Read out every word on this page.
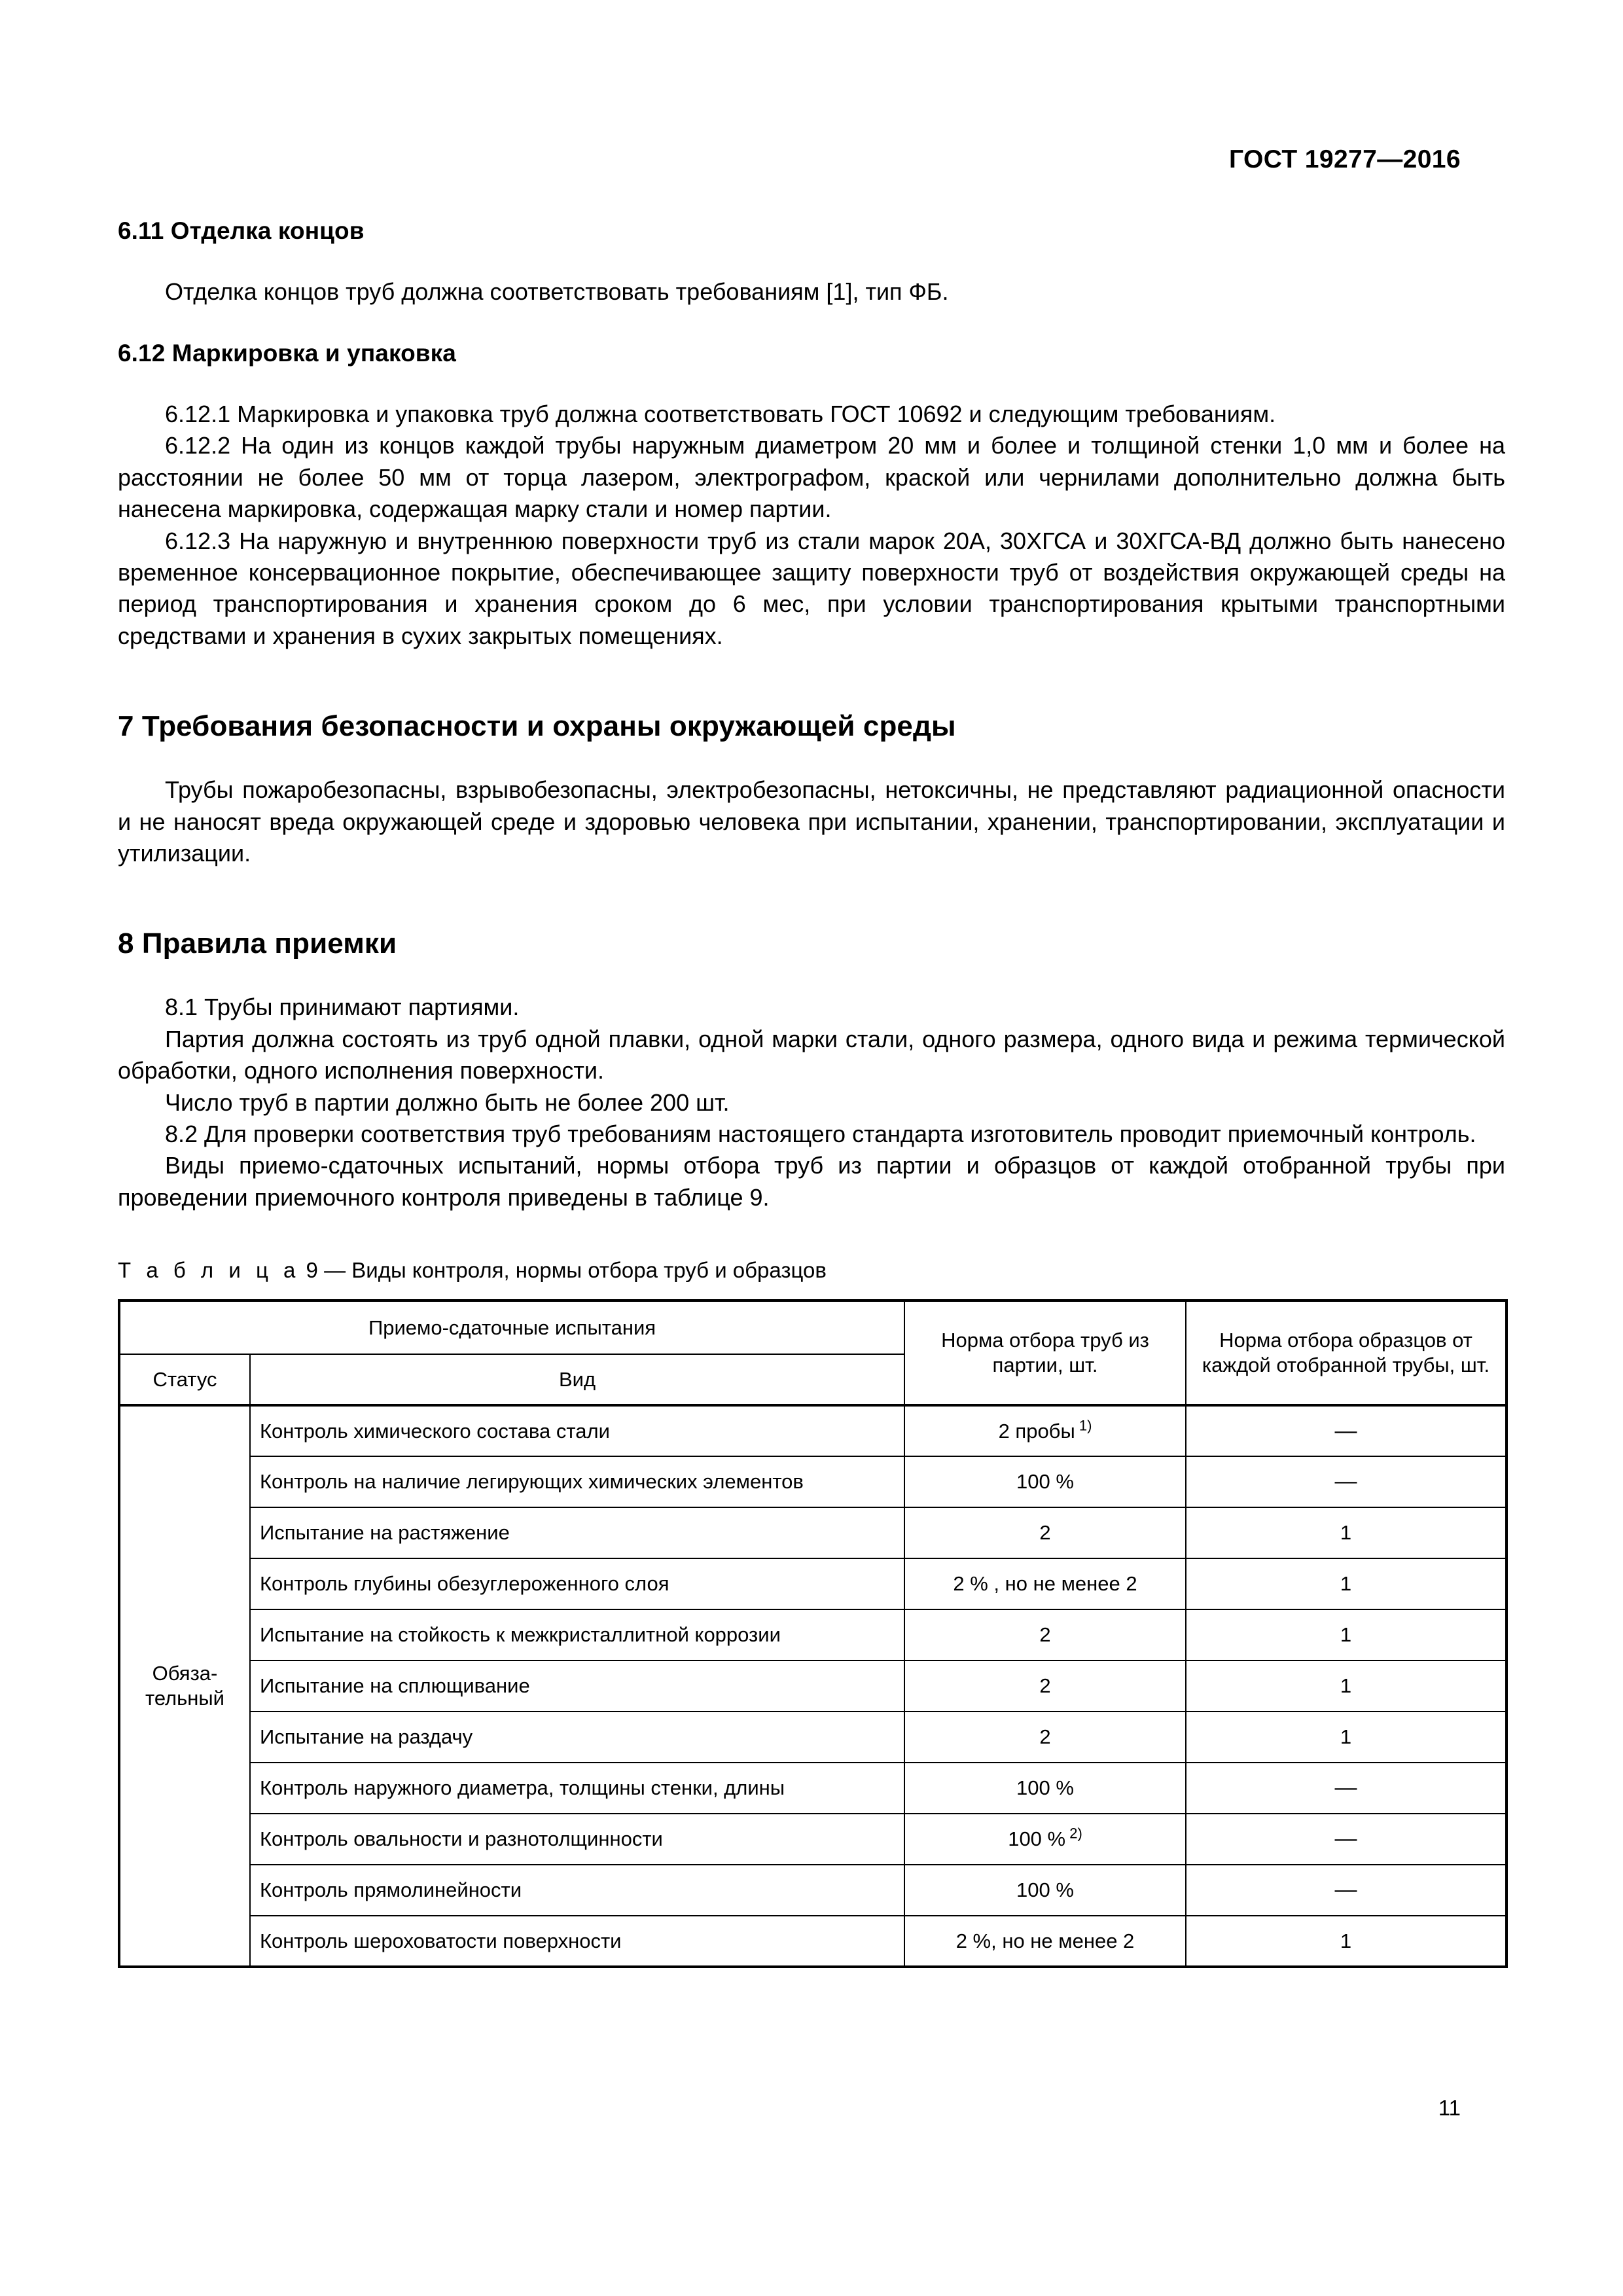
ГОСТ 19277—2016
6.11 Отделка концов

Отделка концов труб должна соответствовать требованиям [1], тип ФБ.

6.12 Маркировка и упаковка

6.12.1 Маркировка и упаковка труб должна соответствовать ГОСТ 10692 и следующим требованиям.

6.12.2 На один из концов каждой трубы наружным диаметром 20 мм и более и толщиной стенки 1,0 мм и более на расстоянии не более 50 мм от торца лазером, электрографом, краской или чернилами дополнительно должна быть нанесена маркировка, содержащая марку стали и номер партии.

6.12.3 На наружную и внутреннюю поверхности труб из стали марок 20А, 30ХГСА и 30ХГСА-ВД должно быть нанесено временное консервационное покрытие, обеспечивающее защиту поверхности труб от воздействия окружающей среды на период транспортирования и хранения сроком до 6 мес, при условии транспортирования крытыми транспортными средствами и хранения в сухих закрытых помещениях.

7 Требования безопасности и охраны окружающей среды

Трубы пожаробезопасны, взрывобезопасны, электробезопасны, нетоксичны, не представляют радиационной опасности и не наносят вреда окружающей среде и здоровью человека при испытании, хранении, транспортировании, эксплуатации и утилизации.

8 Правила приемки

8.1 Трубы принимают партиями.

Партия должна состоять из труб одной плавки, одной марки стали, одного размера, одного вида и режима термической обработки, одного исполнения поверхности.

Число труб в партии должно быть не более 200 шт.

8.2 Для проверки соответствия труб требованиям настоящего стандарта изготовитель проводит приемочный контроль.

Виды приемо-сдаточных испытаний, нормы отбора труб из партии и образцов от каждой отобранной трубы при проведении приемочного контроля приведены в таблице 9.

Т а б л и ц а 9 — Виды контроля, нормы отбора труб и образцов

Приемо-сдаточные испытания		Норма отбора труб из партии, шт.	Норма отбора образцов от каждой отобранной трубы, шт.
Статус	Вид		
Обяза-
тельный	Контроль химического состава стали	2 пробы $^{1)}$	—
	Контроль на наличие легирующих химических элементов	100 %	—
	Испытание на растяжение	2	1
	Контроль глубины обезуглероженного слоя	2 % , но не менее 2	1
	Испытание на стойкость к межкристаллитной коррозии	2	1
	Испытание на сплющивание	2	1
	Испытание на раздачу	2	1
	Контроль наружного диаметра, толщины стенки, длины	100 %	—
	Контроль овальности и разнотолщинности	100 % $^{2)}$	—
	Контроль прямолинейности	100 %	—
	Контроль шероховатости поверхности	2 %, но не менее 2	1
11
